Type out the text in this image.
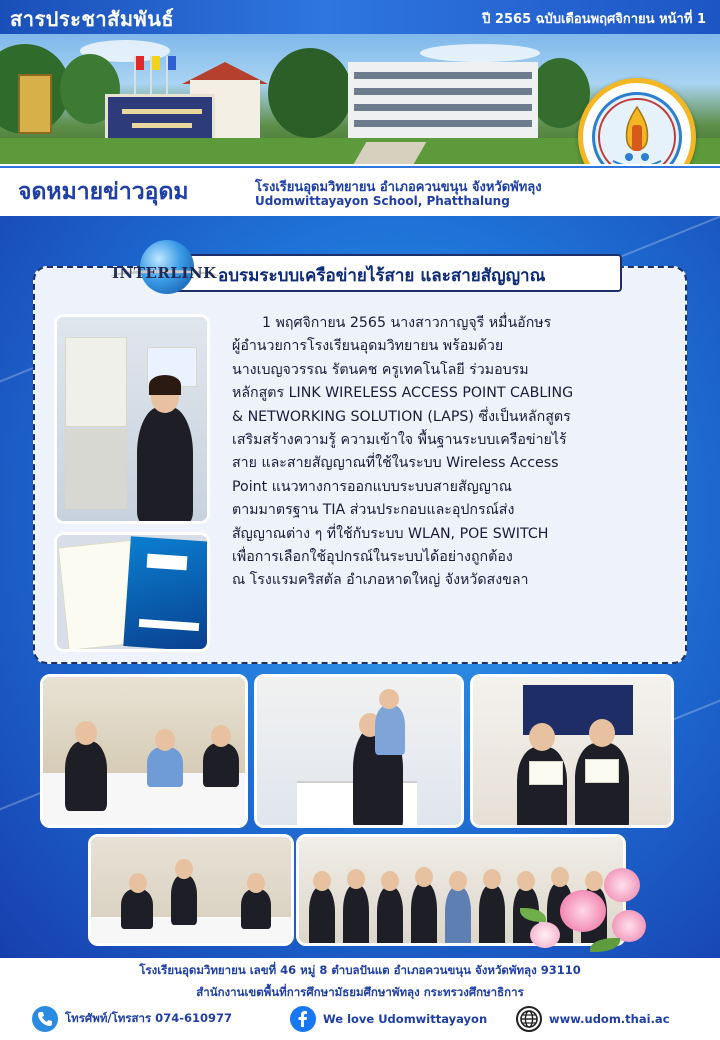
สารประชาสัมพันธ์	ปี 2565 ฉบับเดือนพฤศจิกายน หน้าที่ 1
จดหมายข่าวอุดม	โรงเรียนอุดมวิทยายน อำเภอควนขนุน จังหวัดพัทลุง
Udomwittayayon School, Phatthalung
อบรมระบบเครือข่ายไร้สาย และสายสัญญาณ
INTERLINK
1 พฤศจิกายน 2565 นางสาวกาญจุรี หมื่นอักษร
ผู้อำนวยการโรงเรียนอุดมวิทยายน พร้อมด้วย
นางเบญจวรรณ รัตนคช ครูเทคโนโลยี ร่วมอบรม
หลักสูตร LINK WIRELESS ACCESS POINT CABLING
& NETWORKING SOLUTION (LAPS) ซึ่งเป็นหลักสูตร
เสริมสร้างความรู้ ความเข้าใจ พื้นฐานระบบเครือข่ายไร้
สาย และสายสัญญาณที่ใช้ในระบบ Wireless Access
Point แนวทางการออกแบบระบบสายสัญญาณ
ตามมาตรฐาน TIA ส่วนประกอบและอุปกรณ์ส่ง
สัญญาณต่าง ๆ ที่ใช้กับระบบ WLAN, POE SWITCH
เพื่อการเลือกใช้อุปกรณ์ในระบบได้อย่างถูกต้อง
ณ โรงแรมคริสตัล อำเภอหาดใหญ่ จังหวัดสงขลา
โรงเรียนอุดมวิทยายน เลขที่ 46 หมู่ 8 ตำบลปันแต อำเภอควนขนุน จังหวัดพัทลุง 93110
สำนักงานเขตพื้นที่การศึกษามัธยมศึกษาพัทลุง กระทรวงศึกษาธิการ
โทรศัพท์/โทรสาร 074-610977	We love Udomwittayayon	www.udom.thai.ac
